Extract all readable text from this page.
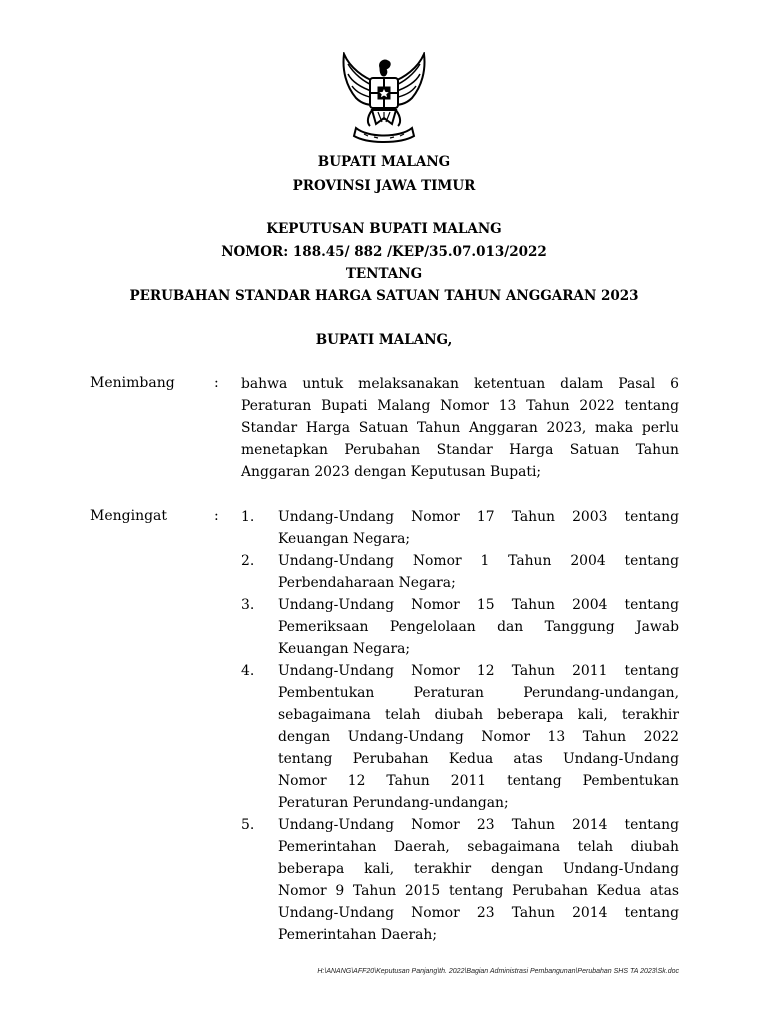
BUPATI MALANG
PROVINSI JAWA TIMUR
KEPUTUSAN BUPATI MALANG
NOMOR: 188.45/ 882 /KEP/35.07.013/2022
TENTANG
PERUBAHAN STANDAR HARGA SATUAN TAHUN ANGGARAN 2023
BUPATI MALANG,
Menimbang	: bahwa untuk melaksanakan ketentuan dalam Pasal 6
Peraturan Bupati Malang Nomor 13 Tahun 2022 tentang
Standar Harga Satuan Tahun Anggaran 2023, maka perlu
menetapkan Perubahan Standar Harga Satuan Tahun
Anggaran 2023 dengan Keputusan Bupati;
Mengingat	: 1.	Undang-Undang Nomor 17 Tahun 2003 tentang
Keuangan Negara;
2.	Undang-Undang Nomor 1 Tahun 2004 tentang
Perbendaharaan Negara;
3.	Undang-Undang Nomor 15 Tahun 2004 tentang
Pemeriksaan Pengelolaan dan Tanggung Jawab
Keuangan Negara;
4.	Undang-Undang Nomor 12 Tahun 2011 tentang
Pembentukan Peraturan Perundang-undangan,
sebagaimana telah diubah beberapa kali, terakhir
dengan Undang-Undang Nomor 13 Tahun 2022
tentang Perubahan Kedua atas Undang-Undang
Nomor 12 Tahun 2011 tentang Pembentukan
Peraturan Perundang-undangan;
5.	Undang-Undang Nomor 23 Tahun 2014 tentang
Pemerintahan Daerah, sebagaimana telah diubah
beberapa kali, terakhir dengan Undang-Undang
Nomor 9 Tahun 2015 tentang Perubahan Kedua atas
Undang-Undang Nomor 23 Tahun 2014 tentang
Pemerintahan Daerah;
H:\ANANG\AFF20\Keputusan Panjang\th. 2022\Bagian Administrasi Pembangunan\Perubahan SHS TA 2023\Sk.doc
